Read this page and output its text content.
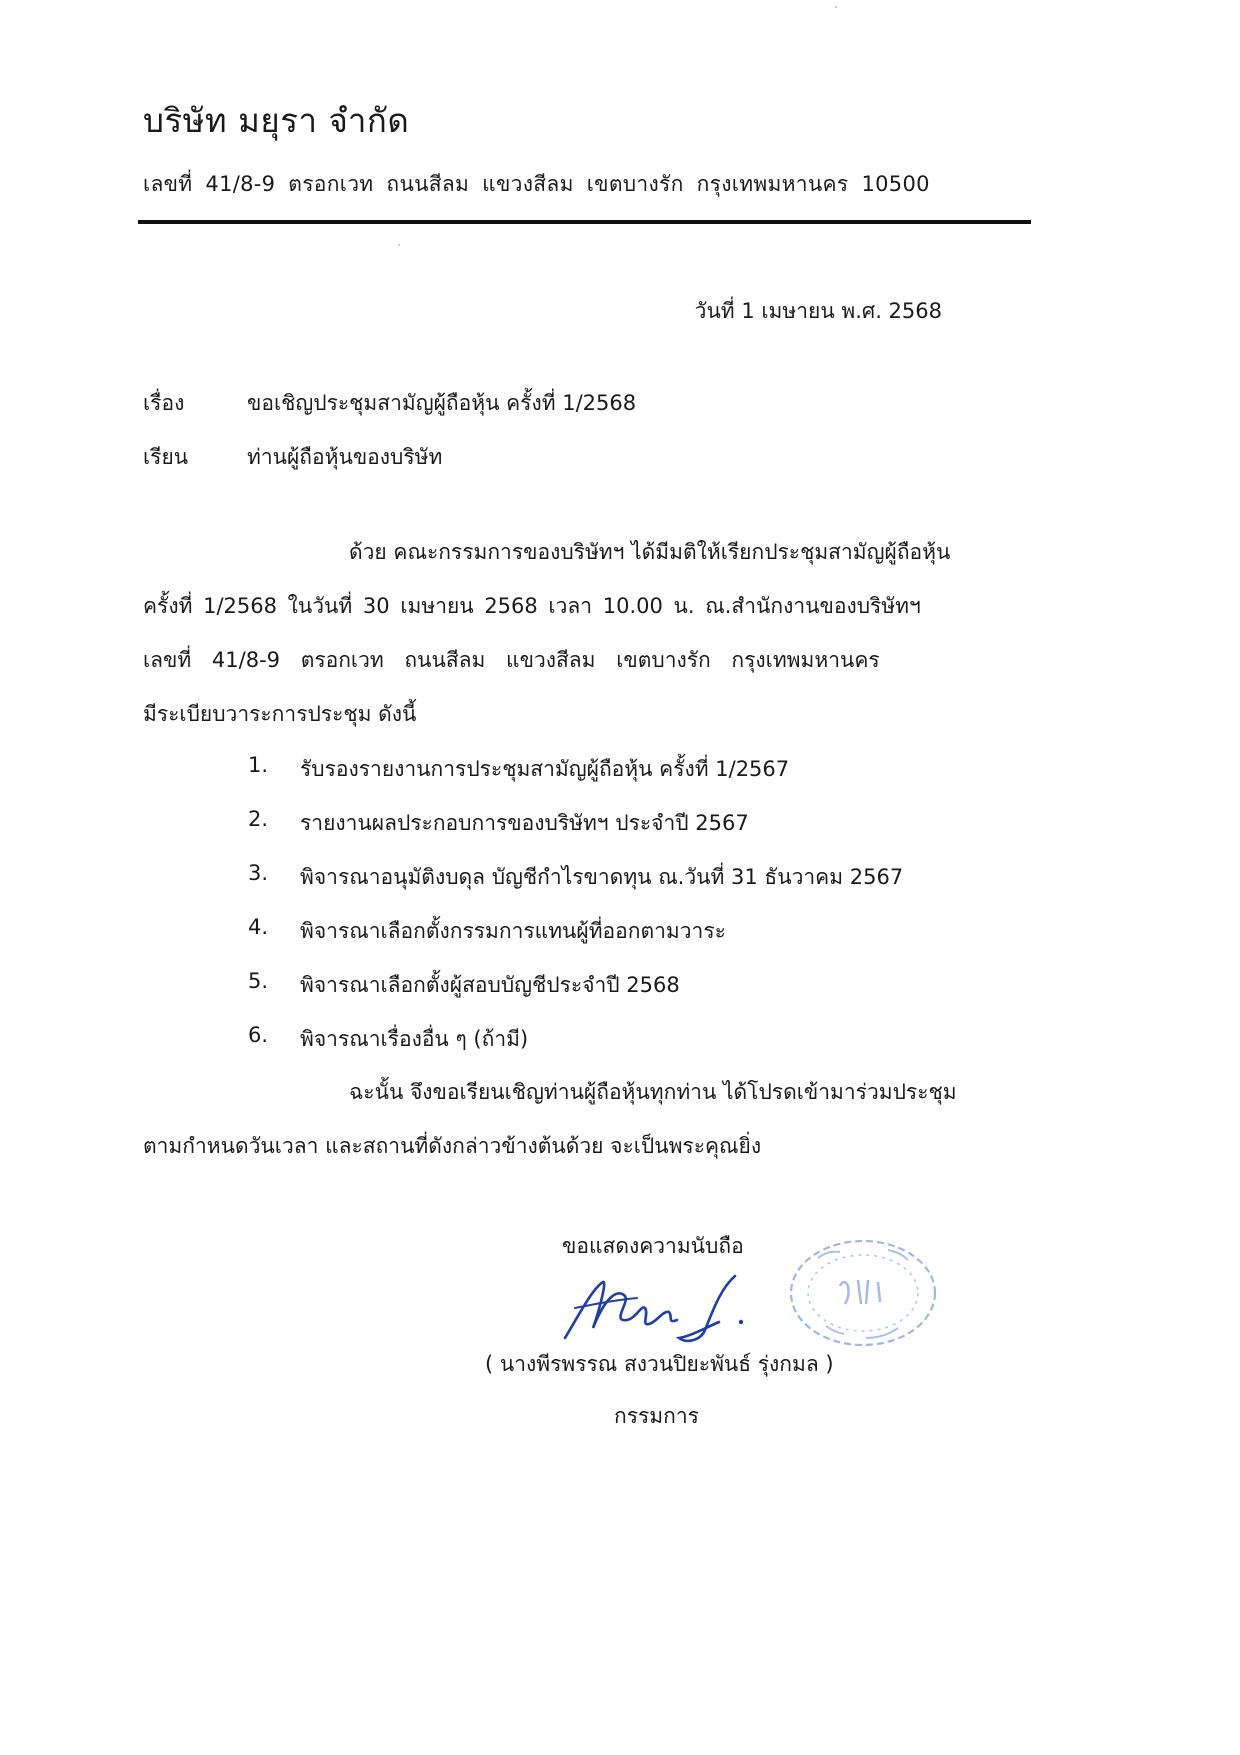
บริษัท มยุรา จำกัด
เลขที่ 41/8-9 ตรอกเวท ถนนสีลม แขวงสีลม เขตบางรัก กรุงเทพมหานคร 10500
วันที่ 1 เมษายน พ.ศ. 2568
เรื่อง	ขอเชิญประชุมสามัญผู้ถือหุ้น ครั้งที่ 1/2568
เรียน	ท่านผู้ถือหุ้นของบริษัท
ด้วย คณะกรรมการของบริษัทฯ ได้มีมติให้เรียกประชุมสามัญผู้ถือหุ้น
ครั้งที่ 1/2568 ในวันที่ 30 เมษายน 2568 เวลา 10.00 น. ณ.สำนักงานของบริษัทฯ
เลขที่ 41/8-9 ตรอกเวท ถนนสีลม แขวงสีลม เขตบางรัก กรุงเทพมหานคร
มีระเบียบวาระการประชุม ดังนี้
1. รับรองรายงานการประชุมสามัญผู้ถือหุ้น ครั้งที่ 1/2567
2. รายงานผลประกอบการของบริษัทฯ ประจำปี 2567
3. พิจารณาอนุมัติงบดุล บัญชีกำไรขาดทุน ณ.วันที่ 31 ธันวาคม 2567
4. พิจารณาเลือกตั้งกรรมการแทนผู้ที่ออกตามวาระ
5. พิจารณาเลือกตั้งผู้สอบบัญชีประจำปี 2568
6. พิจารณาเรื่องอื่น ๆ (ถ้ามี)
ฉะนั้น จึงขอเรียนเชิญท่านผู้ถือหุ้นทุกท่าน ได้โปรดเข้ามาร่วมประชุม
ตามกำหนดวันเวลา และสถานที่ดังกล่าวข้างต้นด้วย จะเป็นพระคุณยิ่ง
ขอแสดงความนับถือ
( นางพีรพรรณ สงวนปิยะพันธ์ รุ่งกมล )
กรรมการ
